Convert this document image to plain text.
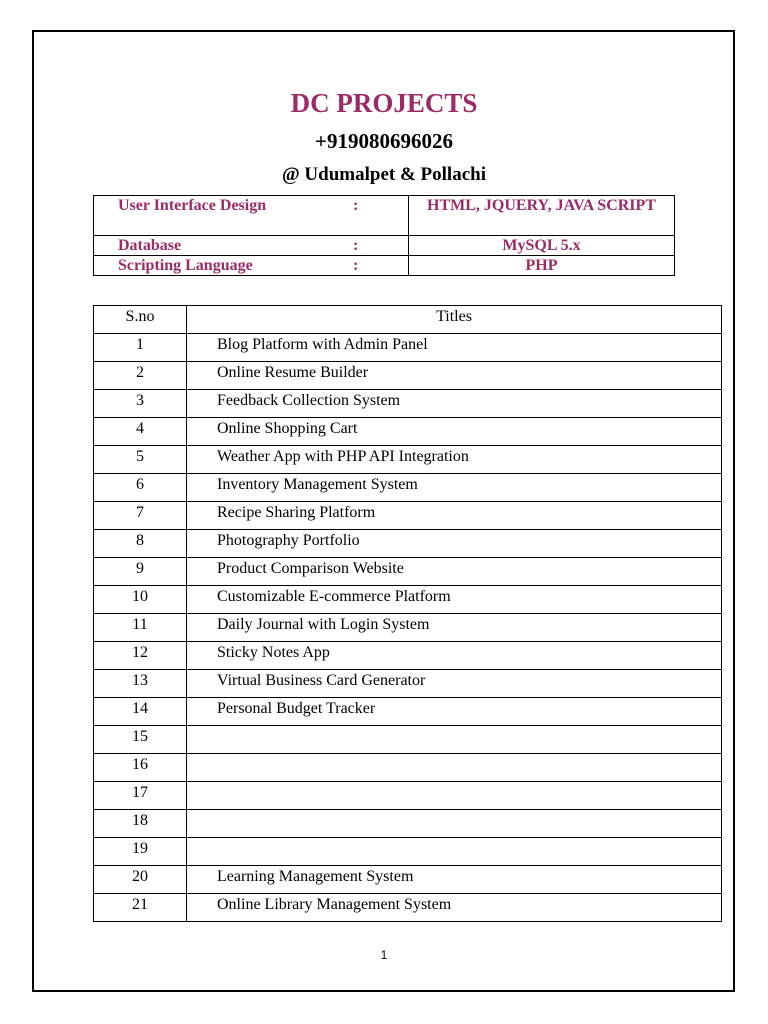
DC PROJECTS
+919080696026
@ Udumalpet & Pollachi
User Interface Design :	HTML, JQUERY, JAVA SCRIPT
Database :	MySQL 5.x
Scripting Language :	PHP
S.no	Titles
1	Blog Platform with Admin Panel
2	Online Resume Builder
3	Feedback Collection System
4	Online Shopping Cart
5	Weather App with PHP API Integration
6	Inventory Management System
7	Recipe Sharing Platform
8	Photography Portfolio
9	Product Comparison Website
10	Customizable E-commerce Platform
11	Daily Journal with Login System
12	Sticky Notes App
13	Virtual Business Card Generator
14	Personal Budget Tracker
15	
16	
17	
18	
19	
20	Learning Management System
21	Online Library Management System
1
